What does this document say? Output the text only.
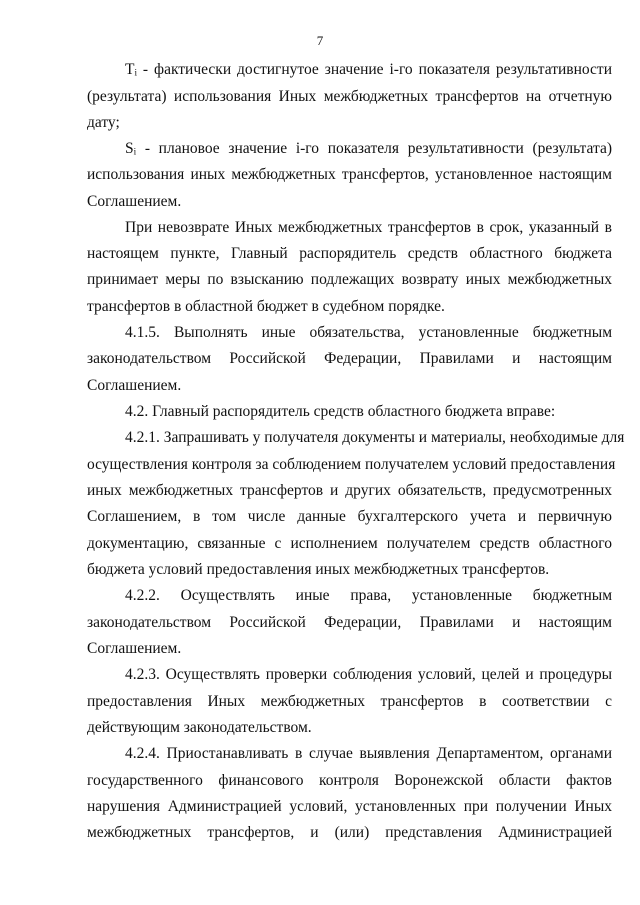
7
Tᵢ - фактически достигнутое значение i-го показателя результативности
(результата) использования Иных межбюджетных трансфертов на отчетную
дату;
Sᵢ - плановое значение i-го показателя результативности (результата)
использования иных межбюджетных трансфертов, установленное настоящим
Соглашением.
При невозврате Иных межбюджетных трансфертов в срок, указанный в
настоящем пункте, Главный распорядитель средств областного бюджета
принимает меры по взысканию подлежащих возврату иных межбюджетных
трансфертов в областной бюджет в судебном порядке.
4.1.5. Выполнять иные обязательства, установленные бюджетным
законодательством Российской Федерации, Правилами и настоящим
Соглашением.
4.2. Главный распорядитель средств областного бюджета вправе:
4.2.1. Запрашивать у получателя документы и материалы, необходимые для
осуществления контроля за соблюдением получателем условий предоставления
иных межбюджетных трансфертов и других обязательств, предусмотренных
Соглашением, в том числе данные бухгалтерского учета и первичную
документацию, связанные с исполнением получателем средств областного
бюджета условий предоставления иных межбюджетных трансфертов.
4.2.2. Осуществлять иные права, установленные бюджетным
законодательством Российской Федерации, Правилами и настоящим
Соглашением.
4.2.3. Осуществлять проверки соблюдения условий, целей и процедуры
предоставления Иных межбюджетных трансфертов в соответствии с
действующим законодательством.
4.2.4. Приостанавливать в случае выявления Департаментом, органами
государственного финансового контроля Воронежской области фактов
нарушения Администрацией условий, установленных при получении Иных
межбюджетных трансфертов, и (или) представления Администрацией
